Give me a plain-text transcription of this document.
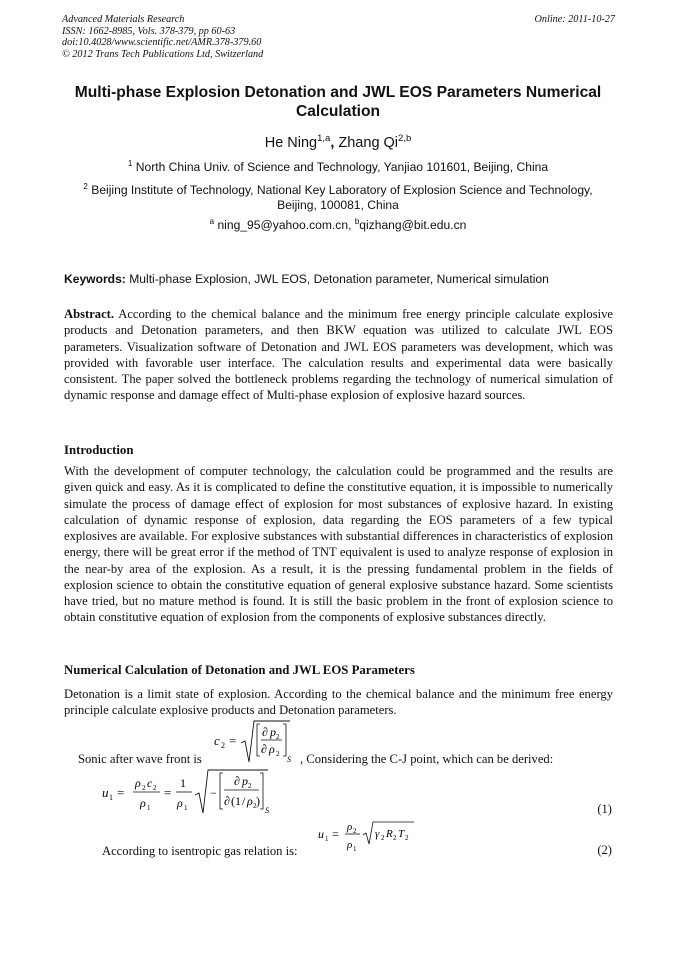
Advanced Materials Research
ISSN: 1662-8985, Vols. 378-379, pp 60-63
doi:10.4028/www.scientific.net/AMR.378-379.60
© 2012 Trans Tech Publications Ltd, Switzerland
Online: 2011-10-27
Multi-phase Explosion Detonation and JWL EOS Parameters Numerical
Calculation
He Ning$^{1,a}$, Zhang Qi$^{2,b}$
$^1$ North China Univ. of Science and Technology, Yanjiao 101601, Beijing, China
$^2$ Beijing Institute of Technology, National Key Laboratory of Explosion Science and Technology,
Beijing, 100081, China
$^a$ ning_95@yahoo.com.cn, $^b$qizhang@bit.edu.cn
Keywords: Multi-phase Explosion, JWL EOS, Detonation parameter, Numerical simulation
Abstract. According to the chemical balance and the minimum free energy principle calculate explosive products and Detonation parameters, and then BKW equation was utilized to calculate JWL EOS parameters. Visualization software of Detonation and JWL EOS parameters was development, which was provided with favorable user interface. The calculation results and experimental data were basically consistent. The paper solved the bottleneck problems regarding the technology of numerical simulation of dynamic response and damage effect of Multi-phase explosion of explosive hazard sources.
Introduction
With the development of computer technology, the calculation could be programmed and the results are given quick and easy. As it is complicated to define the constitutive equation, it is impossible to numerically simulate the process of damage effect of explosion for most substances of explosive hazard. In existing calculation of dynamic response of explosion, data regarding the EOS parameters of a few typical explosives are available. For explosive substances with substantial differences in characteristics of explosion energy, there will be great error if the method of TNT equivalent is used to analyze response of explosion in the near-by area of the explosion. As a result, it is the pressing fundamental problem in the fields of explosion science to obtain the constitutive equation of general explosive substance hazard. Some scientists have tried, but no mature method is found. It is still the basic problem in the front of explosion science to obtain constitutive equation of explosion from the components of explosive substances directly.
Numerical Calculation of Detonation and JWL EOS Parameters
Detonation is a limit state of explosion. According to the chemical balance and the minimum free energy principle calculate explosive products and Detonation parameters.
Sonic after wave front is
c 2 =
∂ p 2
∂ ρ 2
S , Considering the C-J point, which can be derived:
u 1 =
ρ 2 c 2
ρ 1
=
1
ρ 1
−
∂ p 2
∂ ( 1 / ρ 2 )
S	(1)
u 1 = ρ 2
ρ 1
γ 2 R 2 T 2
According to isentropic gas relation is:	(2)
